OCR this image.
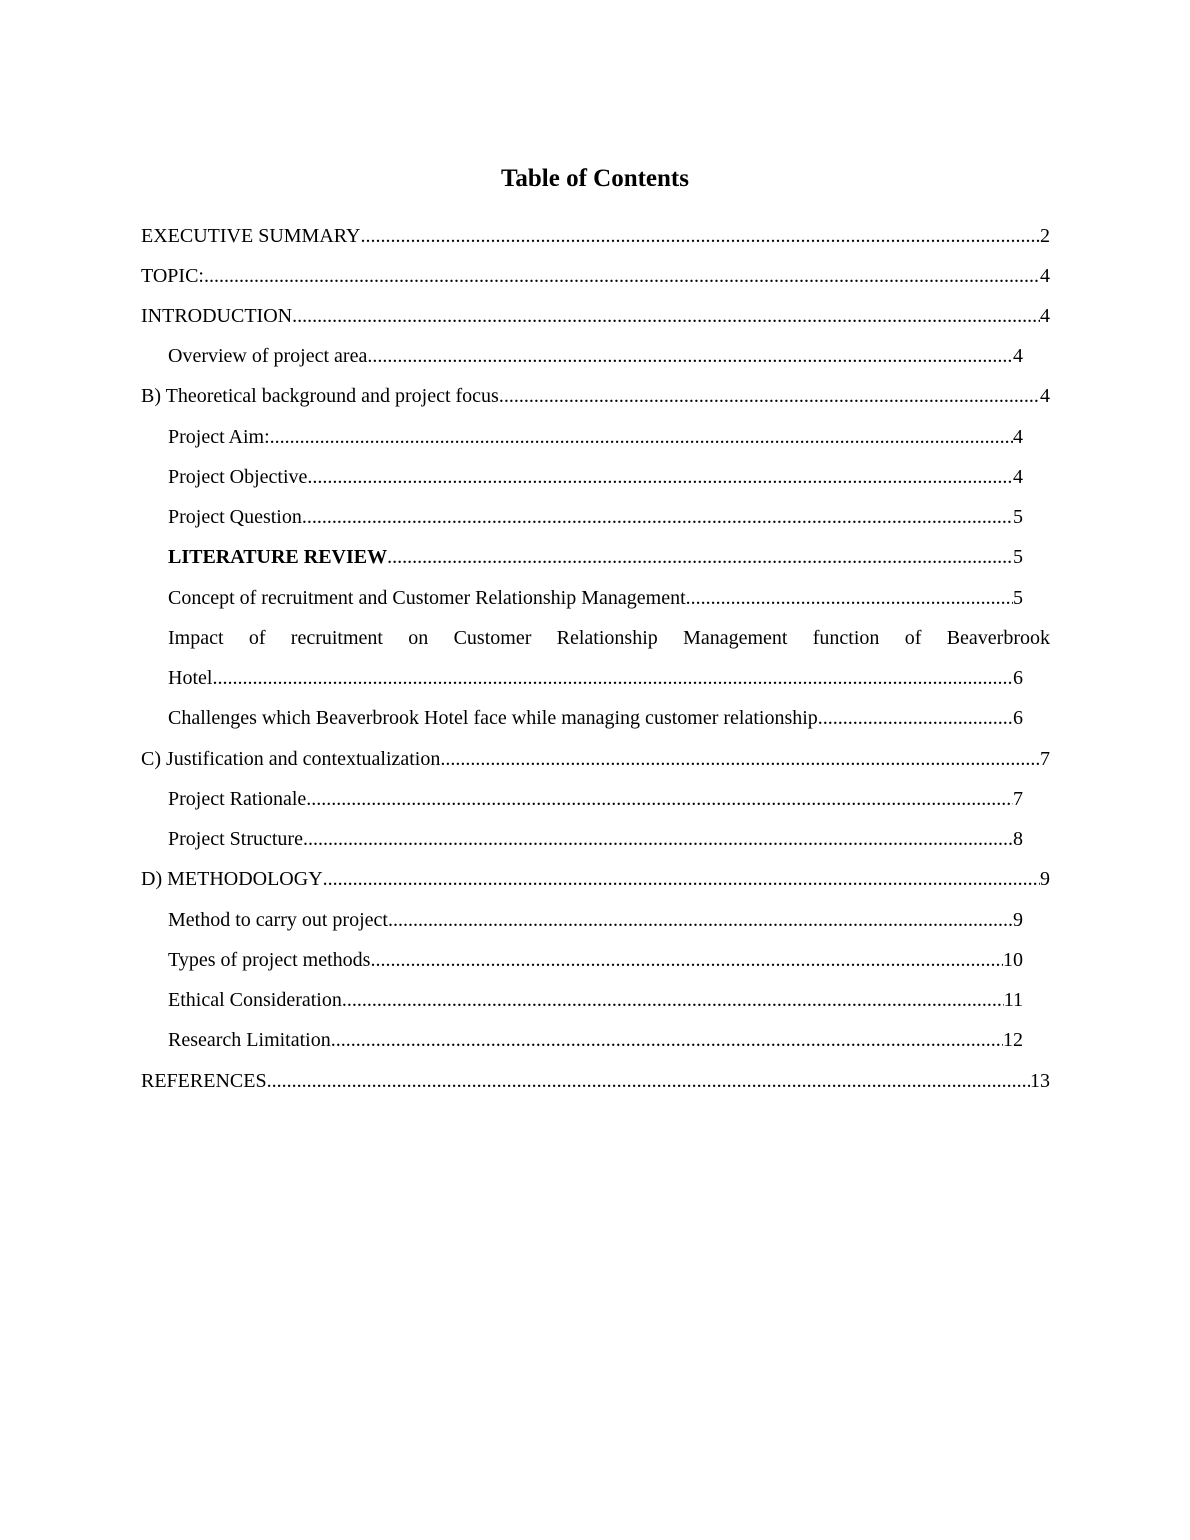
Table of Contents
EXECUTIVE SUMMARY .....	2
TOPIC: .....	4
INTRODUCTION .....	4
Overview of project area .....	4
B) Theoretical background and project focus .....	4
Project Aim: .....	4
Project Objective .....	4
Project Question .....	5
LITERATURE REVIEW .....	5
Concept of recruitment and Customer Relationship Management .....	5
Impact of recruitment on Customer Relationship Management function of Beaverbrook
Hotel .....	6
Challenges which Beaverbrook Hotel face while managing customer relationship .....	6
C) Justification and contextualization .....	7
Project Rationale .....	7
Project Structure .....	8
D) METHODOLOGY .....	9
Method to carry out project .....	9
Types of project methods .....	10
Ethical Consideration .....	11
Research Limitation .....	12
REFERENCES .....	13
